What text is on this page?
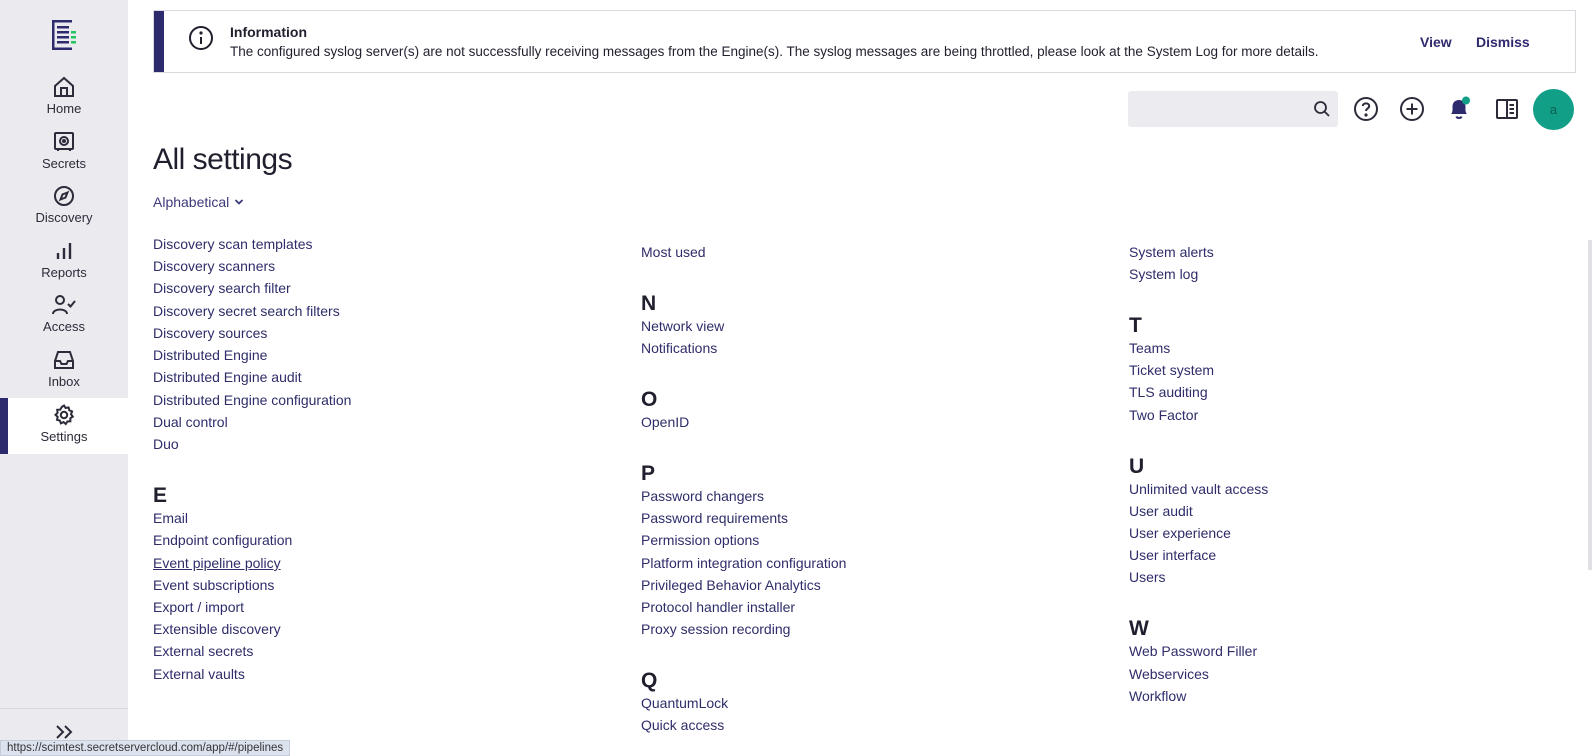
Home
Secrets
Discovery
Reports
Access
Inbox
Settings
https://scimtest.secretservercloud.com/app/#/pipelines
Information
The configured syslog server(s) are not successfully receiving messages from the Engine(s). The syslog messages are being throttled, please look at the System Log for more details.
View Dismiss
a
All settings
Alphabetical
Discovery scan templates
Discovery scanners
Discovery search filter
Discovery secret search filters
Discovery sources
Distributed Engine
Distributed Engine audit
Distributed Engine configuration
Dual control
Duo
E
Email
Endpoint configuration
Event pipeline policy
Event subscriptions
Export / import
Extensible discovery
External secrets
External vaults
Most used
N
Network view
Notifications
O
OpenID
P
Password changers
Password requirements
Permission options
Platform integration configuration
Privileged Behavior Analytics
Protocol handler installer
Proxy session recording
Q
QuantumLock
Quick access
System alerts
System log
T
Teams
Ticket system
TLS auditing
Two Factor
U
Unlimited vault access
User audit
User experience
User interface
Users
W
Web Password Filler
Webservices
Workflow
